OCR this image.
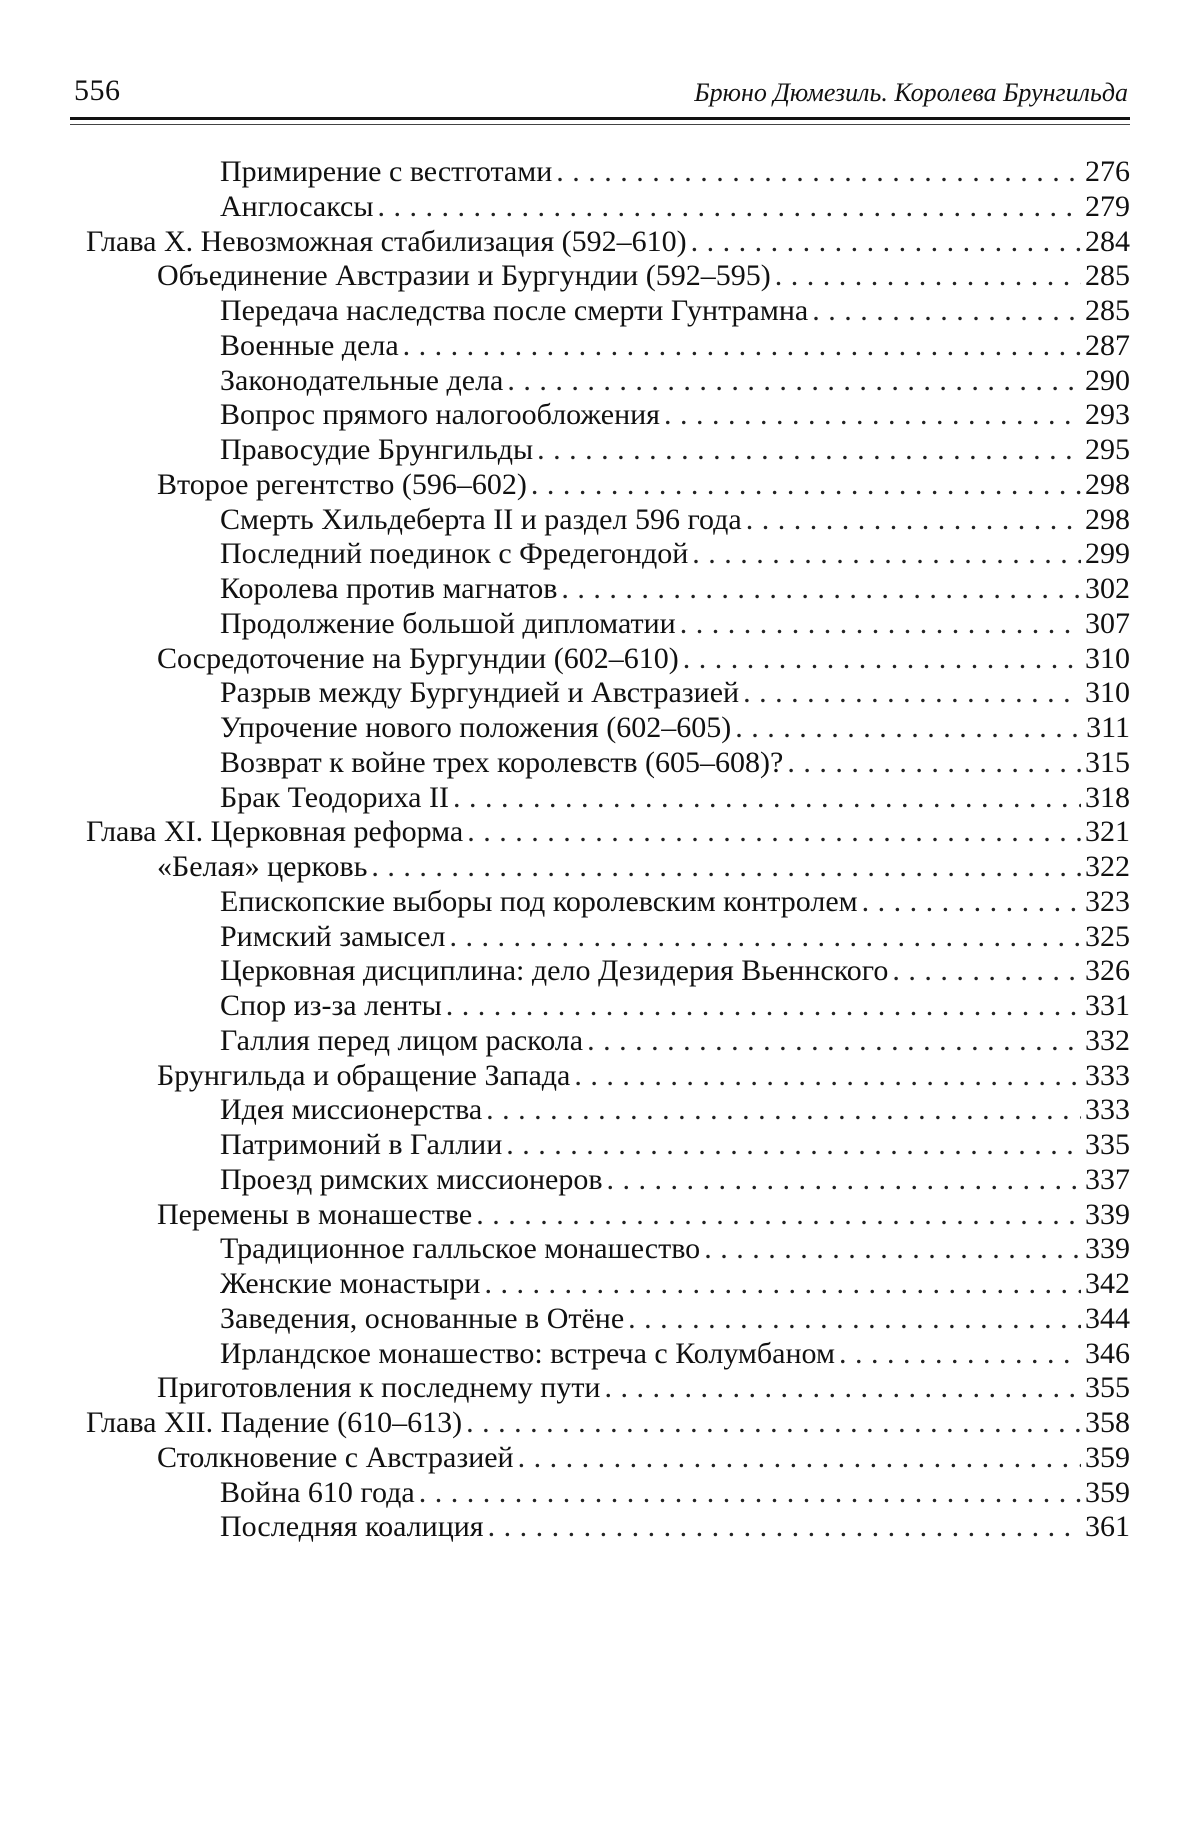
556	Брюно Дюмезиль. Королева Брунгильда
Примирение с вестготами . . .	276
Англосаксы . . .	279
Глава X. Невозможная стабилизация (592–610) . . .	284
Объединение Австразии и Бургундии (592–595) . . .	285
Передача наследства после смерти Гунтрамна . . .	285
Военные дела . . .	287
Законодательные дела . . .	290
Вопрос прямого налогообложения . . .	293
Правосудие Брунгильды . . .	295
Второе регентство (596–602) . . .	298
Смерть Хильдеберта II и раздел 596 года . . .	298
Последний поединок с Фредегондой . . .	299
Королева против магнатов . . .	302
Продолжение большой дипломатии . . .	307
Сосредоточение на Бургундии (602–610) . . .	310
Разрыв между Бургундией и Австразией . . .	310
Упрочение нового положения (602–605) . . .	311
Возврат к войне трех королевств (605–608)? . . .	315
Брак Теодориха II . . .	318
Глава XI. Церковная реформа . . .	321
«Белая» церковь . . .	322
Епископские выборы под королевским контролем . . .	323
Римский замысел . . .	325
Церковная дисциплина: дело Дезидерия Вьеннского . . .	326
Спор из-за ленты . . .	331
Галлия перед лицом раскола . . .	332
Брунгильда и обращение Запада . . .	333
Идея миссионерства . . .	333
Патримоний в Галлии . . .	335
Проезд римских миссионеров . . .	337
Перемены в монашестве . . .	339
Традиционное галльское монашество . . .	339
Женские монастыри . . .	342
Заведения, основанные в Отёне . . .	344
Ирландское монашество: встреча с Колумбаном . . .	346
Приготовления к последнему пути . . .	355
Глава XII. Падение (610–613) . . .	358
Столкновение с Австразией . . .	359
Война 610 года . . .	359
Последняя коалиция . . .	361
